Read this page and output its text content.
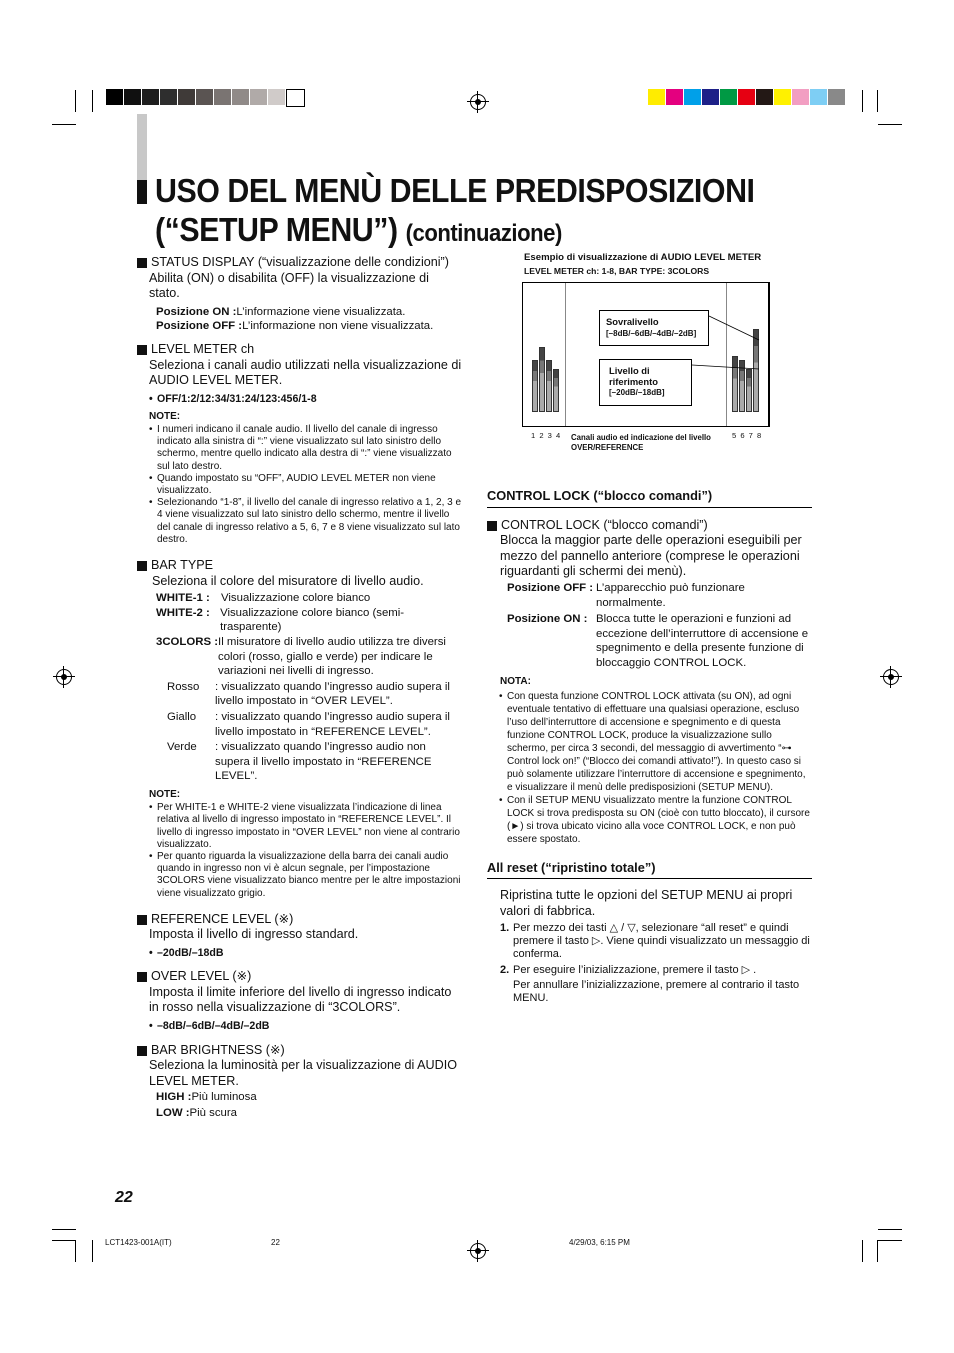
USO DEL MENÙ DELLE PREDISPOSIZIONI
(“SETUP MENU”) (continuazione)
STATUS DISPLAY (“visualizzazione delle condizioni”)
Abilita (ON) o disabilita (OFF) la visualizzazione di stato.
Posizione ON : L’informazione viene visualizzata.
Posizione OFF : L’informazione non viene visualizzata.
LEVEL METER ch
Seleziona i canali audio utilizzati nella visualizzazione di AUDIO LEVEL METER.
• OFF/1:2/12:34/31:24/123:456/1-8
NOTE:
• I numeri indicano il canale audio. Il livello del canale di ingresso indicato alla sinistra di “:” viene visualizzato sul lato sinistro dello schermo, mentre quello indicato alla destra di “:” viene visualizzato sul lato destro.
• Quando impostato su “OFF”, AUDIO LEVEL METER non viene visualizzato.
• Selezionando “1-8”, il livello del canale di ingresso relativo a 1, 2, 3 e 4 viene visualizzato sul lato sinistro dello schermo, mentre il livello del canale di ingresso relativo a 5, 6, 7 e 8 viene visualizzato sul lato destro.
BAR TYPE
Seleziona il colore del misuratore di livello audio.
WHITE-1 : Visualizzazione colore bianco
WHITE-2 : Visualizzazione colore bianco (semi-trasparente)
3COLORS : Il misuratore di livello audio utilizza tre diversi colori (rosso, giallo e verde) per indicare le variazioni nei livelli di ingresso.
Rosso	: visualizzato quando l’ingresso audio supera il livello impostato in “OVER LEVEL”.
Giallo	: visualizzato quando l’ingresso audio supera il livello impostato in “REFERENCE LEVEL”.
Verde	: visualizzato quando l’ingresso audio non supera il livello impostato in “REFERENCE LEVEL”.
NOTE:
• Per WHITE-1 e WHITE-2 viene visualizzata l’indicazione di linea relativa al livello di ingresso impostato in “REFERENCE LEVEL”. Il livello di ingresso impostato in “OVER LEVEL” non viene al contrario visualizzato.
• Per quanto riguarda la visualizzazione della barra dei canali audio quando in ingresso non vi è alcun segnale, per l’impostazione 3COLORS viene visualizzato bianco mentre per le altre impostazioni viene visualizzato grigio.
REFERENCE LEVEL (※)
Imposta il livello di ingresso standard.
• –20dB/–18dB
OVER LEVEL (※)
Imposta il limite inferiore del livello di ingresso indicato in rosso nella visualizzazione di “3COLORS”.
• –8dB/–6dB/–4dB/–2dB
BAR BRIGHTNESS (※)
Seleziona la luminosità per la visualizzazione di AUDIO LEVEL METER.
HIGH : Più luminosa
LOW : Più scura
Esempio di visualizzazione di AUDIO LEVEL METER
LEVEL METER ch: 1-8, BAR TYPE: 3COLORS
Sovralivello
[–8dB/–6dB/–4dB/–2dB]
Livello di riferimento
[–20dB/–18dB]
1 2 3 4	5 6 7 8
Canali audio ed indicazione del livello OVER/REFERENCE
CONTROL LOCK (“blocco comandi”)
CONTROL LOCK (“blocco comandi”)
Blocca la maggior parte delle operazioni eseguibili per mezzo del pannello anteriore (comprese le operazioni riguardanti gli schermi dei menù).
Posizione OFF : L’apparecchio può funzionare normalmente.
Posizione ON : Blocca tutte le operazioni e funzioni ad eccezione dell’interruttore di accensione e spegnimento e della presente funzione di bloccaggio CONTROL LOCK.
NOTA:
• Con questa funzione CONTROL LOCK attivata (su ON), ad ogni eventuale tentativo di effettuare una qualsiasi operazione, escluso l’uso dell’interruttore di accensione e spegnimento e di questa funzione CONTROL LOCK, produce la visualizzazione sullo schermo, per circa 3 secondi, del messaggio di avvertimento “⊶ Control lock on!” (“Blocco dei comandi attivato!”). In questo caso si può solamente utilizzare l’interruttore di accensione e spegnimento, e visualizzare il menù delle predisposizioni (SETUP MENU).
• Con il SETUP MENU visualizzato mentre la funzione CONTROL LOCK si trova predisposta su ON (cioè con tutto bloccato), il cursore (►) si trova ubicato vicino alla voce CONTROL LOCK, e non può essere spostato.
All reset (“ripristino totale”)
Ripristina tutte le opzioni del SETUP MENU ai propri valori di fabbrica.
1. Per mezzo dei tasti △ / ▽, selezionare “all reset” e quindi premere il tasto ▷. Viene quindi visualizzato un messaggio di conferma.
2. Per eseguire l’inizializzazione, premere il tasto ▷ .
Per annullare l’inizializzazione, premere al contrario il tasto MENU.
22
LCT1423-001A(IT)	22	4/29/03, 6:15 PM
